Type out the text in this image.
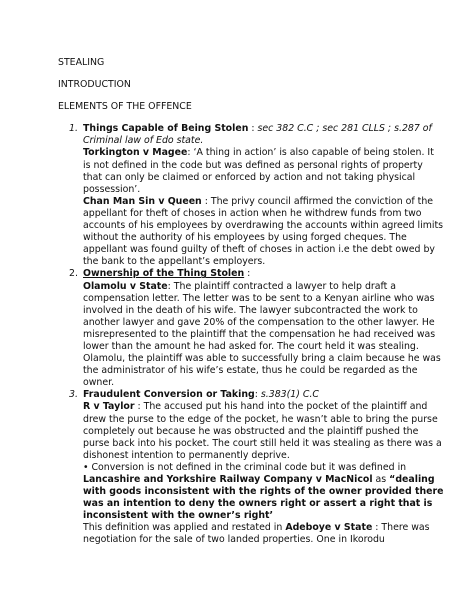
STEALING

INTRODUCTION

ELEMENTS OF THE OFFENCE

1. Things Capable of Being Stolen : sec 382 C.C ; sec 281 CLLS ; s.287 of Criminal law of Edo state.

Torkington v Magee: ‘A thing in action’ is also capable of being stolen. It is not defined in the code but was defined as personal rights of property that can only be claimed or enforced by action and not taking physical possession’.

Chan Man Sin v Queen : The privy council affirmed the conviction of the appellant for theft of choses in action when he withdrew funds from two accounts of his employees by overdrawing the accounts within agreed limits without the authority of his employees by using forged cheques. The appellant was found guilty of theft of choses in action i.e the debt owed by the bank to the appellant’s employers.

2. Ownership of the Thing Stolen :

Olamolu v State: The plaintiff contracted a lawyer to help draft a compensation letter. The letter was to be sent to a Kenyan airline who was involved in the death of his wife. The lawyer subcontracted the work to another lawyer and gave 20% of the compensation to the other lawyer. He misrepresented to the plaintiff that the compensation he had received was lower than the amount he had asked for. The court held it was stealing. Olamolu, the plaintiff was able to successfully bring a claim because he was the administrator of his wife’s estate, thus he could be regarded as the owner.

3. Fraudulent Conversion or Taking: s.383(1) C.C

R v Taylor : The accused put his hand into the pocket of the plaintiff and drew the purse to the edge of the pocket, he wasn’t able to bring the purse completely out because he was obstructed and the plaintiff pushed the purse back into his pocket. The court still held it was stealing as there was a dishonest intention to permanently deprive.

• Conversion is not defined in the criminal code but it was defined in Lancashire and Yorkshire Railway Company v MacNicol as “dealing with goods inconsistent with the rights of the owner provided there was an intention to deny the owners right or assert a right that is inconsistent with the owner’s right’

This definition was applied and restated in Adeboye v State : There was negotiation for the sale of two landed properties. One in Ikorodu
